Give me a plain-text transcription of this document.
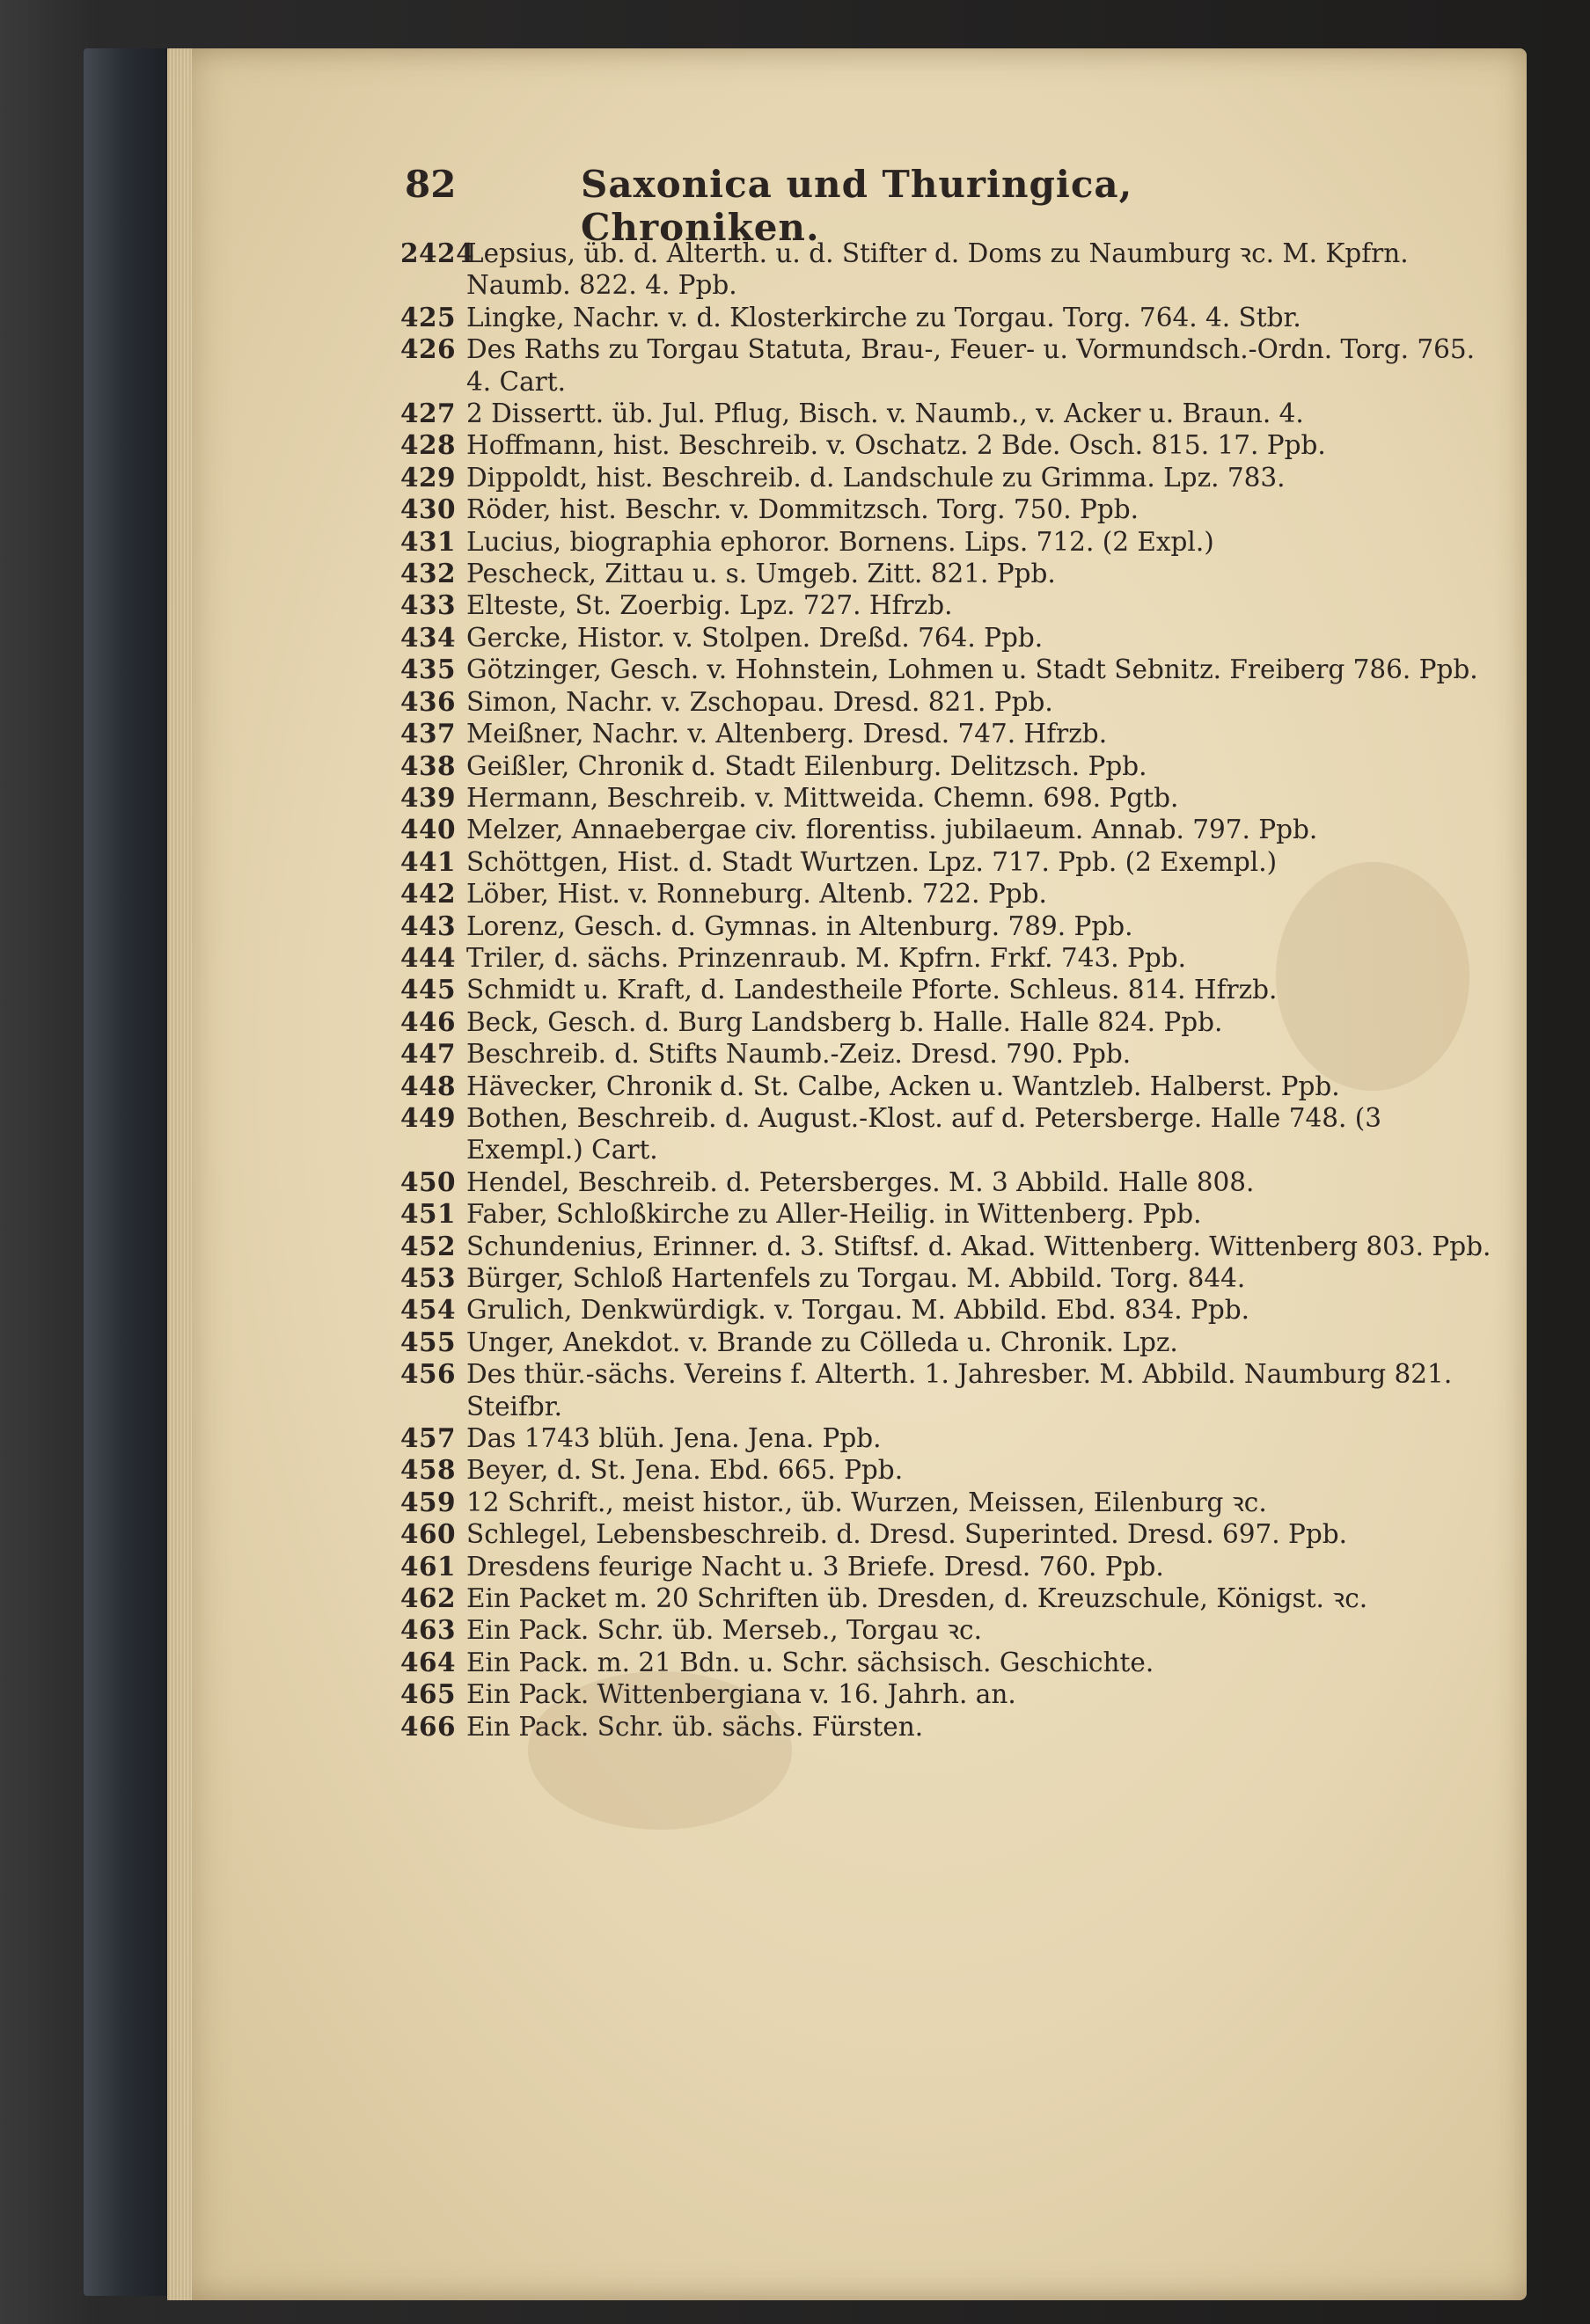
82	Saxonica und Thuringica, Chroniken.
2424
Lepsius, üb. d. Alterth. u. d. Stifter d. Doms zu Naumburg ꝛc. M. Kpfrn. Naumb. 822. 4. Ppb.
425 Lingke, Nachr. v. d. Klosterkirche zu Torgau. Torg. 764. 4. Stbr.
426 Des Raths zu Torgau Statuta, Brau-, Feuer- u. Vormundsch.-Ordn. Torg. 765. 4. Cart.
427 2 Dissertt. üb. Jul. Pflug, Bisch. v. Naumb., v. Acker u. Braun. 4.
428 Hoffmann, hist. Beschreib. v. Oschatz. 2 Bde. Osch. 815. 17. Ppb.
429 Dippoldt, hist. Beschreib. d. Landschule zu Grimma. Lpz. 783.
430 Röder, hist. Beschr. v. Dommitzsch. Torg. 750. Ppb.
431 Lucius, biographia ephoror. Bornens. Lips. 712. (2 Expl.)
432 Pescheck, Zittau u. s. Umgeb. Zitt. 821. Ppb.
433 Elteste, St. Zoerbig. Lpz. 727. Hfrzb.
434 Gercke, Histor. v. Stolpen. Dreßd. 764. Ppb.
435 Götzinger, Gesch. v. Hohnstein, Lohmen u. Stadt Sebnitz. Freiberg 786. Ppb.
436 Simon, Nachr. v. Zschopau. Dresd. 821. Ppb.
437 Meißner, Nachr. v. Altenberg. Dresd. 747. Hfrzb.
438 Geißler, Chronik d. Stadt Eilenburg. Delitzsch. Ppb.
439 Hermann, Beschreib. v. Mittweida. Chemn. 698. Pgtb.
440 Melzer, Annaebergae civ. florentiss. jubilaeum. Annab. 797. Ppb.
441 Schöttgen, Hist. d. Stadt Wurtzen. Lpz. 717. Ppb. (2 Exempl.)
442 Löber, Hist. v. Ronneburg. Altenb. 722. Ppb.
443 Lorenz, Gesch. d. Gymnas. in Altenburg. 789. Ppb.
444 Triler, d. sächs. Prinzenraub. M. Kpfrn. Frkf. 743. Ppb.
445 Schmidt u. Kraft, d. Landestheile Pforte. Schleus. 814. Hfrzb.
446 Beck, Gesch. d. Burg Landsberg b. Halle. Halle 824. Ppb.
447 Beschreib. d. Stifts Naumb.-Zeiz. Dresd. 790. Ppb.
448 Hävecker, Chronik d. St. Calbe, Acken u. Wantzleb. Halberst. Ppb.
449 Bothen, Beschreib. d. August.-Klost. auf d. Petersberge. Halle 748. (3 Exempl.) Cart.
450 Hendel, Beschreib. d. Petersberges. M. 3 Abbild. Halle 808.
451 Faber, Schloßkirche zu Aller-Heilig. in Wittenberg. Ppb.
452 Schundenius, Erinner. d. 3. Stiftsf. d. Akad. Wittenberg. Wittenberg 803. Ppb.
453 Bürger, Schloß Hartenfels zu Torgau. M. Abbild. Torg. 844.
454 Grulich, Denkwürdigk. v. Torgau. M. Abbild. Ebd. 834. Ppb.
455 Unger, Anekdot. v. Brande zu Cölleda u. Chronik. Lpz.
456 Des thür.-sächs. Vereins f. Alterth. 1. Jahresber. M. Abbild. Naumburg 821. Steifbr.
457 Das 1743 blüh. Jena. Jena. Ppb.
458 Beyer, d. St. Jena. Ebd. 665. Ppb.
459 12 Schrift., meist histor., üb. Wurzen, Meissen, Eilenburg ꝛc.
460 Schlegel, Lebensbeschreib. d. Dresd. Superinted. Dresd. 697. Ppb.
461 Dresdens feurige Nacht u. 3 Briefe. Dresd. 760. Ppb.
462 Ein Packet m. 20 Schriften üb. Dresden, d. Kreuzschule, Königst. ꝛc.
463 Ein Pack. Schr. üb. Merseb., Torgau ꝛc.
464 Ein Pack. m. 21 Bdn. u. Schr. sächsisch. Geschichte.
465 Ein Pack. Wittenbergiana v. 16. Jahrh. an.
466 Ein Pack. Schr. üb. sächs. Fürsten.
